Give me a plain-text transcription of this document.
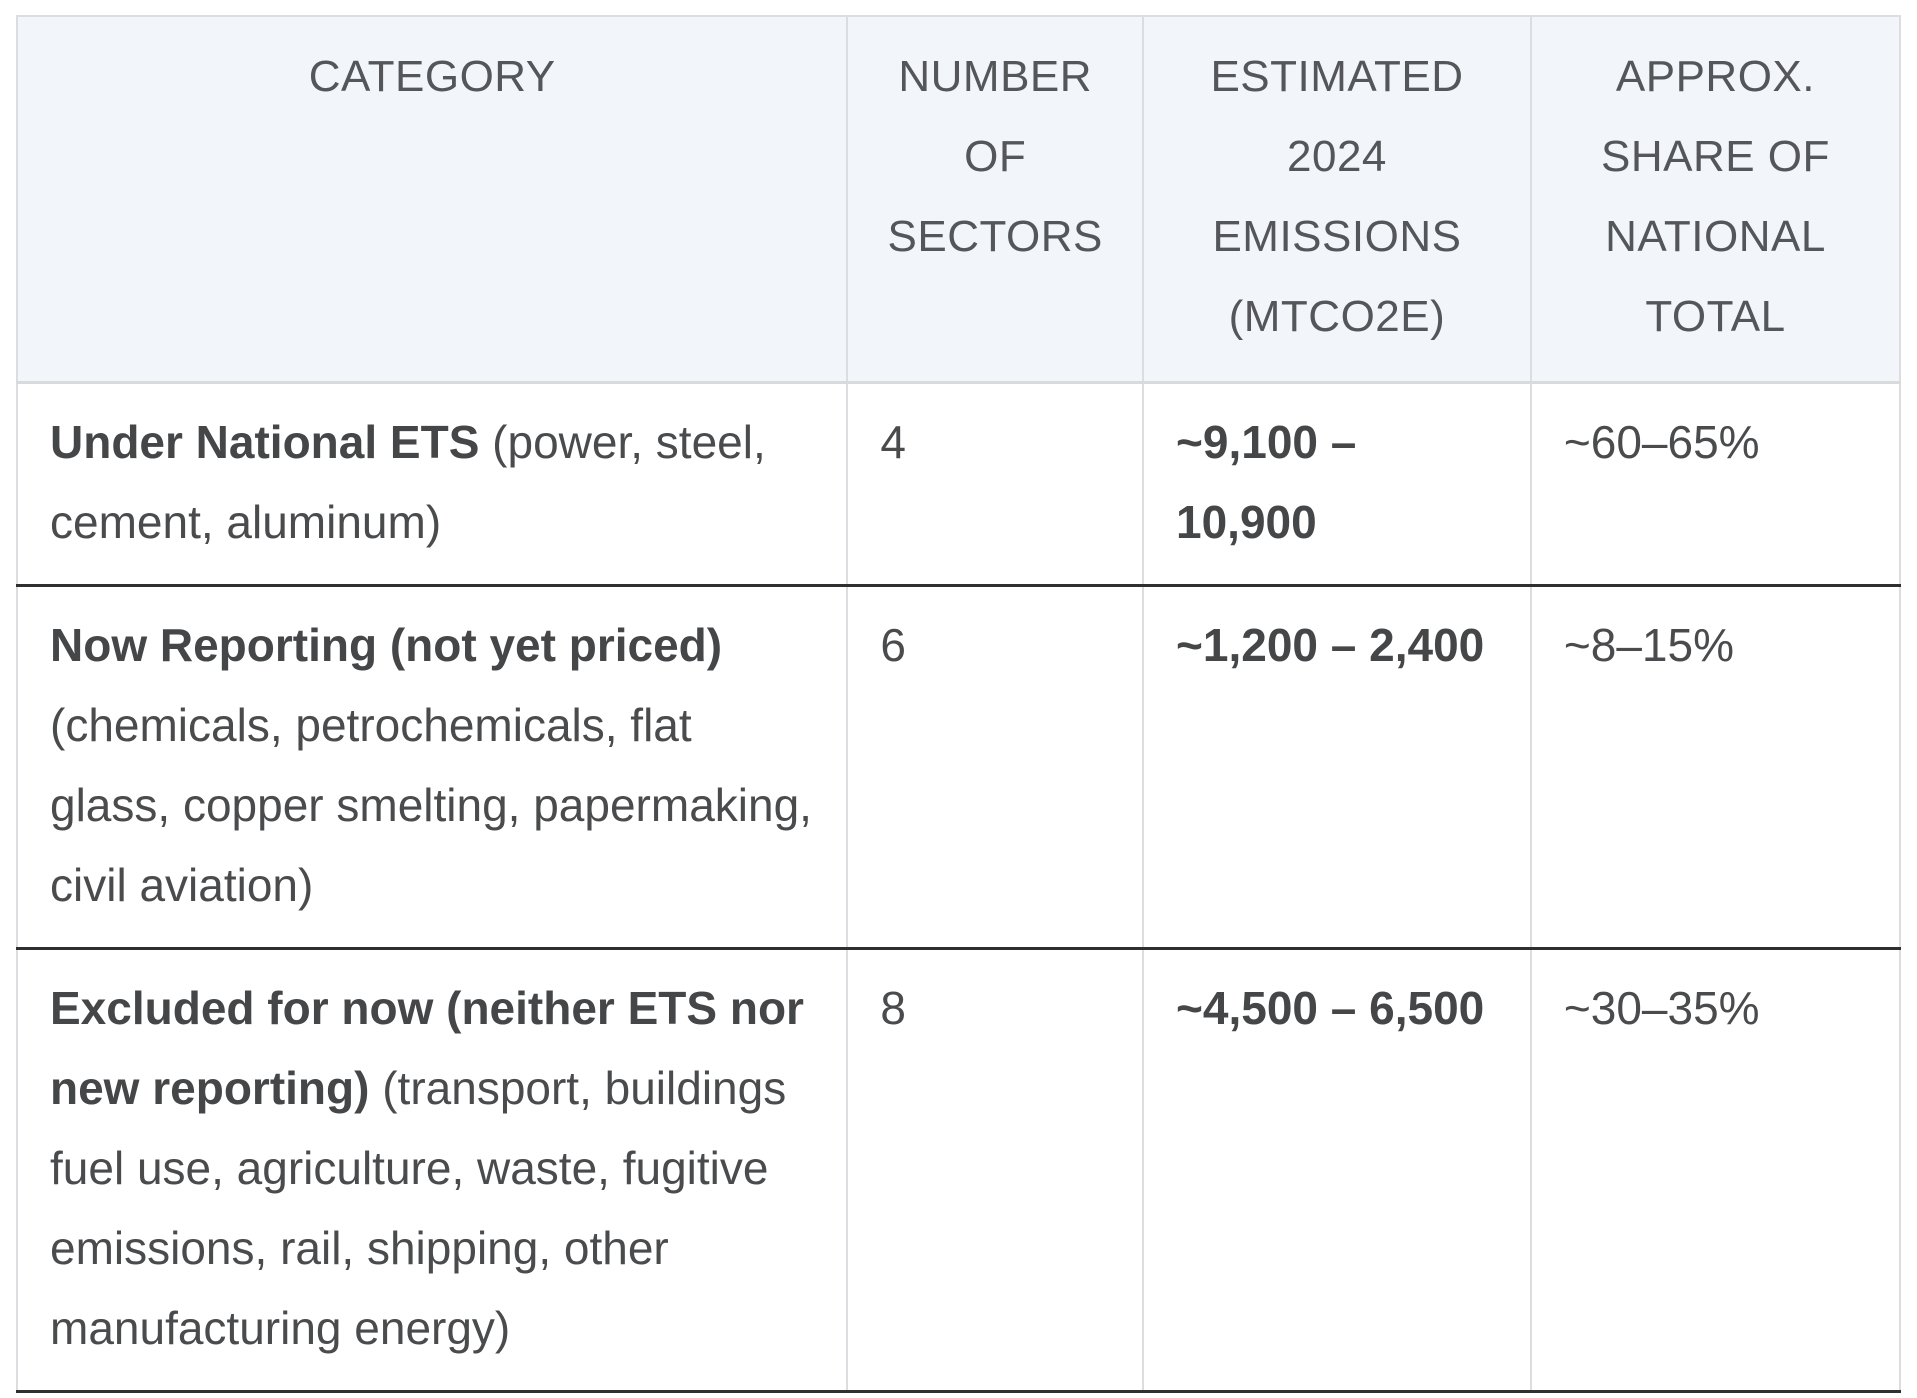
CATEGORY	NUMBER OF SECTORS	ESTIMATED 2024 EMISSIONS (MTCO2E)	APPROX. SHARE OF NATIONAL TOTAL
Under National ETS (power, steel, cement, aluminum)	4	~9,100 – 10,900	~60–65%
Now Reporting (not yet priced) (chemicals, petrochemicals, flat glass, copper smelting, papermaking, civil aviation)	6	~1,200 – 2,400	~8–15%
Excluded for now (neither ETS nor new reporting) (transport, buildings fuel use, agriculture, waste, fugitive emissions, rail, shipping, other manufacturing energy)	8	~4,500 – 6,500	~30–35%
